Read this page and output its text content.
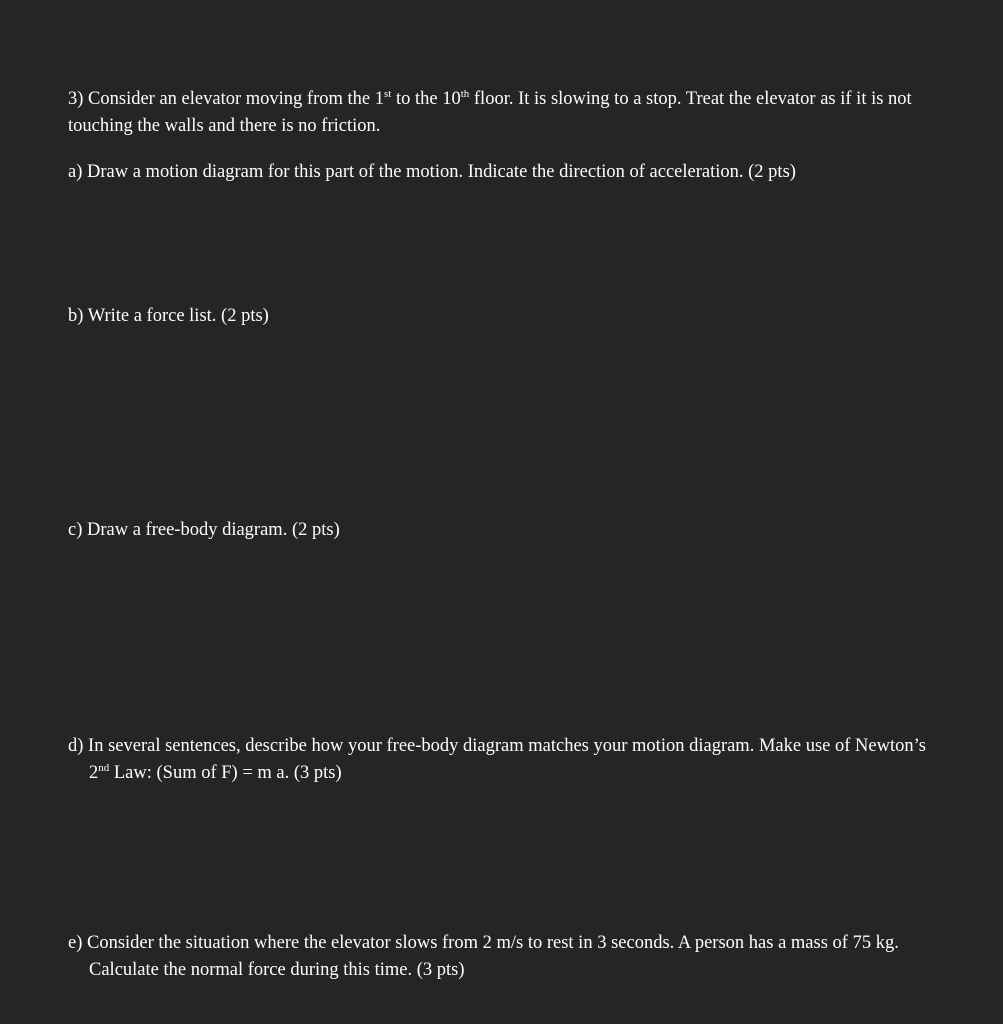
3) Consider an elevator moving from the 1st to the 10th floor. It is slowing to a stop. Treat the elevator as if it is not touching the walls and there is no friction.

a) Draw a motion diagram for this part of the motion. Indicate the direction of acceleration. (2 pts)

b) Write a force list. (2 pts)

c) Draw a free-body diagram. (2 pts)

d) In several sentences, describe how your free-body diagram matches your motion diagram. Make use of Newton’s 2nd Law: (Sum of F) = m a. (3 pts)

e) Consider the situation where the elevator slows from 2 m/s to rest in 3 seconds. A person has a mass of 75 kg. Calculate the normal force during this time. (3 pts)
